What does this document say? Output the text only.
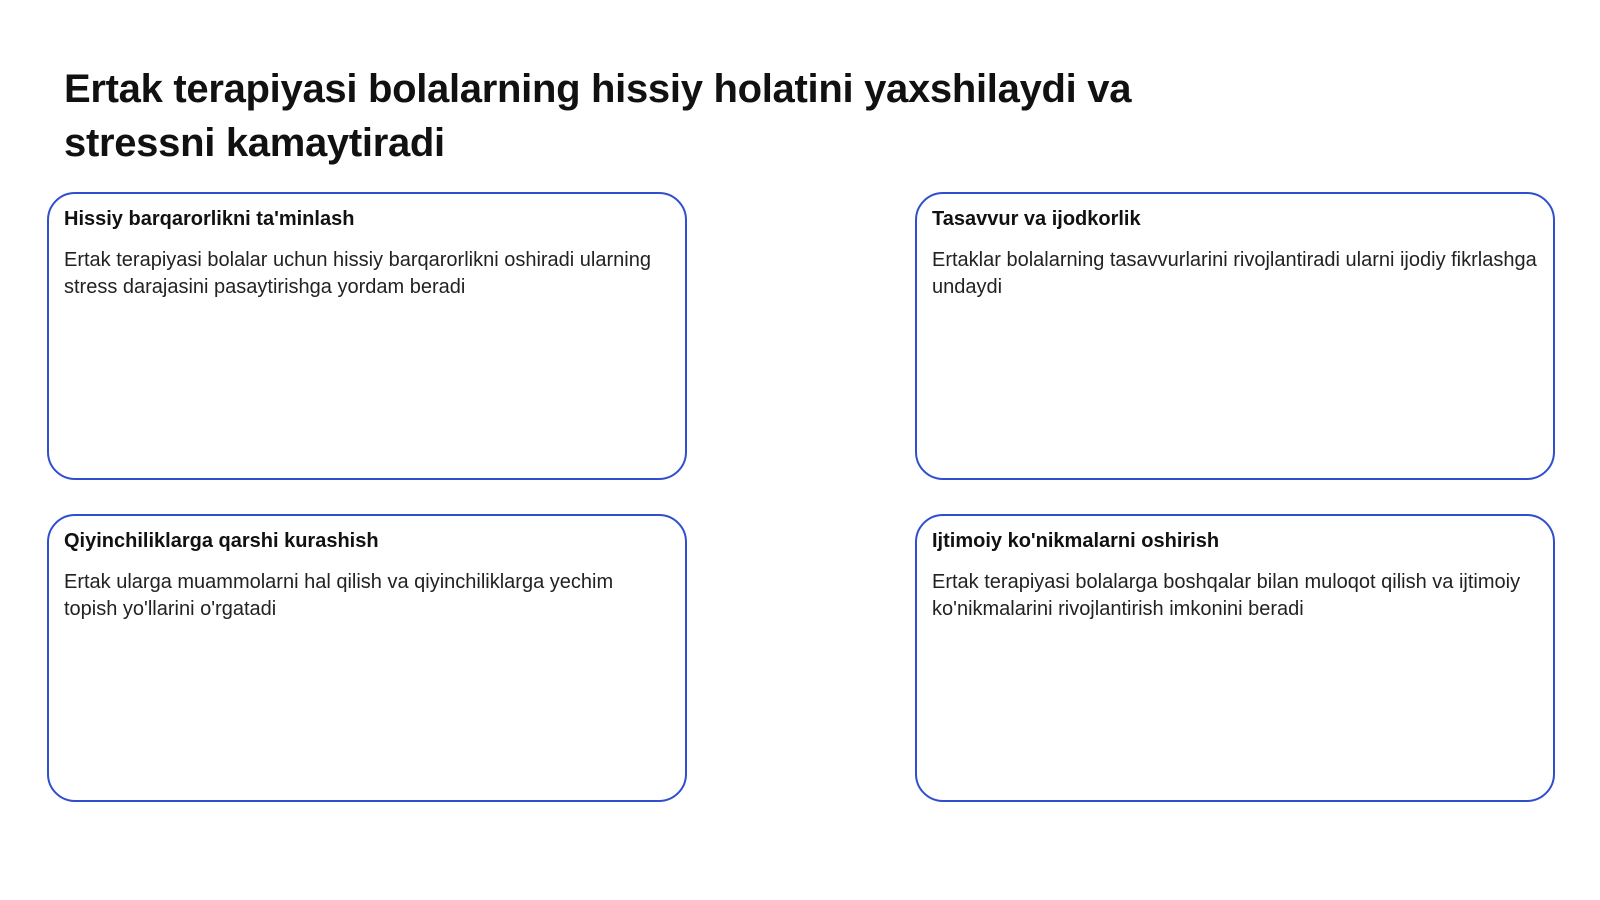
Ertak terapiyasi bolalarning hissiy holatini yaxshilaydi va stressni kamaytiradi
Hissiy barqarorlikni ta'minlash

Ertak terapiyasi bolalar uchun hissiy barqarorlikni oshiradi ularning stress darajasini pasaytirishga yordam beradi

Tasavvur va ijodkorlik

Ertaklar bolalarning tasavvurlarini rivojlantiradi ularni ijodiy fikrlashga undaydi

Qiyinchiliklarga qarshi kurashish

Ertak ularga muammolarni hal qilish va qiyinchiliklarga yechim topish yo'llarini o'rgatadi

Ijtimoiy ko'nikmalarni oshirish

Ertak terapiyasi bolalarga boshqalar bilan muloqot qilish va ijtimoiy ko'nikmalarini rivojlantirish imkonini beradi
